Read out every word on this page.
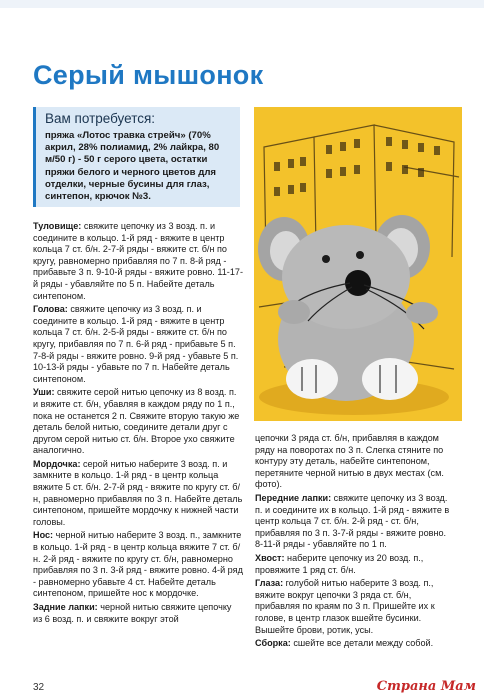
Серый мышонок
Вам потребуется:
пряжа «Лотос травка стрейч» (70% акрил, 28% полиамид, 2% лайкра, 80 м/50 г) - 50 г серого цвета, остатки пряжи белого и черного цветов для отделки, черные бусины для глаз, синтепон, крючок №3.

Туловище: свяжите цепочку из 3 возд. п. и соедините в кольцо. 1-й ряд - вяжите в центр кольца 7 ст. б/н. 2-7-й ряды - вяжите ст. б/н по кругу, равномерно прибавляя по 7 п. 8-й ряд - прибавьте 3 п. 9-10-й ряды - вяжите ровно. 11-17-й ряды - убавляйте по 5 п. Набейте деталь синтепоном.

Голова: свяжите цепочку из 3 возд. п. и соедините в кольцо. 1-й ряд - вяжите в центр кольца 7 ст. б/н. 2-5-й ряды - вяжите ст. б/н по кругу, прибавляя по 7 п. 6-й ряд - прибавьте 5 п. 7-8-й ряды - вяжите ровно. 9-й ряд - убавьте 5 п. 10-13-й ряды - убавьте по 7 п. Набейте деталь синтепоном.

Уши: свяжите серой нитью цепочку из 8 возд. п. и вяжите ст. б/н, убавляя в каждом ряду по 1 п., пока не останется 2 п. Свяжите вторую такую же деталь белой нитью, соедините детали друг с другом серой нитью ст. б/н. Второе ухо свяжите аналогично.

Мордочка: серой нитью наберите 3 возд. п. и замкните в кольцо. 1-й ряд - в центр кольца вяжите 5 ст. б/н. 2-7-й ряд - вяжите по кругу ст. б/н, равномерно прибавляя по 3 п. Набейте деталь синтепоном, пришейте мордочку к нижней части головы.

Нос: черной нитью наберите 3 возд. п., замкните в кольцо. 1-й ряд - в центр кольца вяжите 7 ст. б/н. 2-й ряд - вяжите по кругу ст. б/н, равномерно прибавляя по 3 п. 3-й ряд - вяжите ровно. 4-й ряд - равномерно убавьте 4 ст. Набейте деталь синтепоном, пришейте нос к мордочке.

Задние лапки: черной нитью свяжите цепочку из 6 возд. п. и свяжите вокруг этой

цепочки 3 ряда ст. б/н, прибавляя в каждом ряду на поворотах по 3 п. Слегка стяните по контуру эту деталь, набейте синтепоном, перетяните черной нитью в двух местах (см. фото).

Передние лапки: свяжите цепочку из 3 возд. п. и соедините их в кольцо. 1-й ряд - вяжите в центр кольца 7 ст. б/н. 2-й ряд - ст. б/н, прибавляя по 3 п. 3-7-й ряды - вяжите ровно. 8-11-й ряды - убавляйте по 1 п.

Хвост: наберите цепочку из 20 возд. п., провяжите 1 ряд ст. б/н.

Глаза: голубой нитью наберите 3 возд. п., вяжите вокруг цепочки 3 ряда ст. б/н, прибавляя по краям по 3 п. Пришейте их к голове, в центр глазок вшейте бусинки. Вышейте брови, ротик, усы.

Сборка: сшейте все детали между собой.

32	Страна Мам
